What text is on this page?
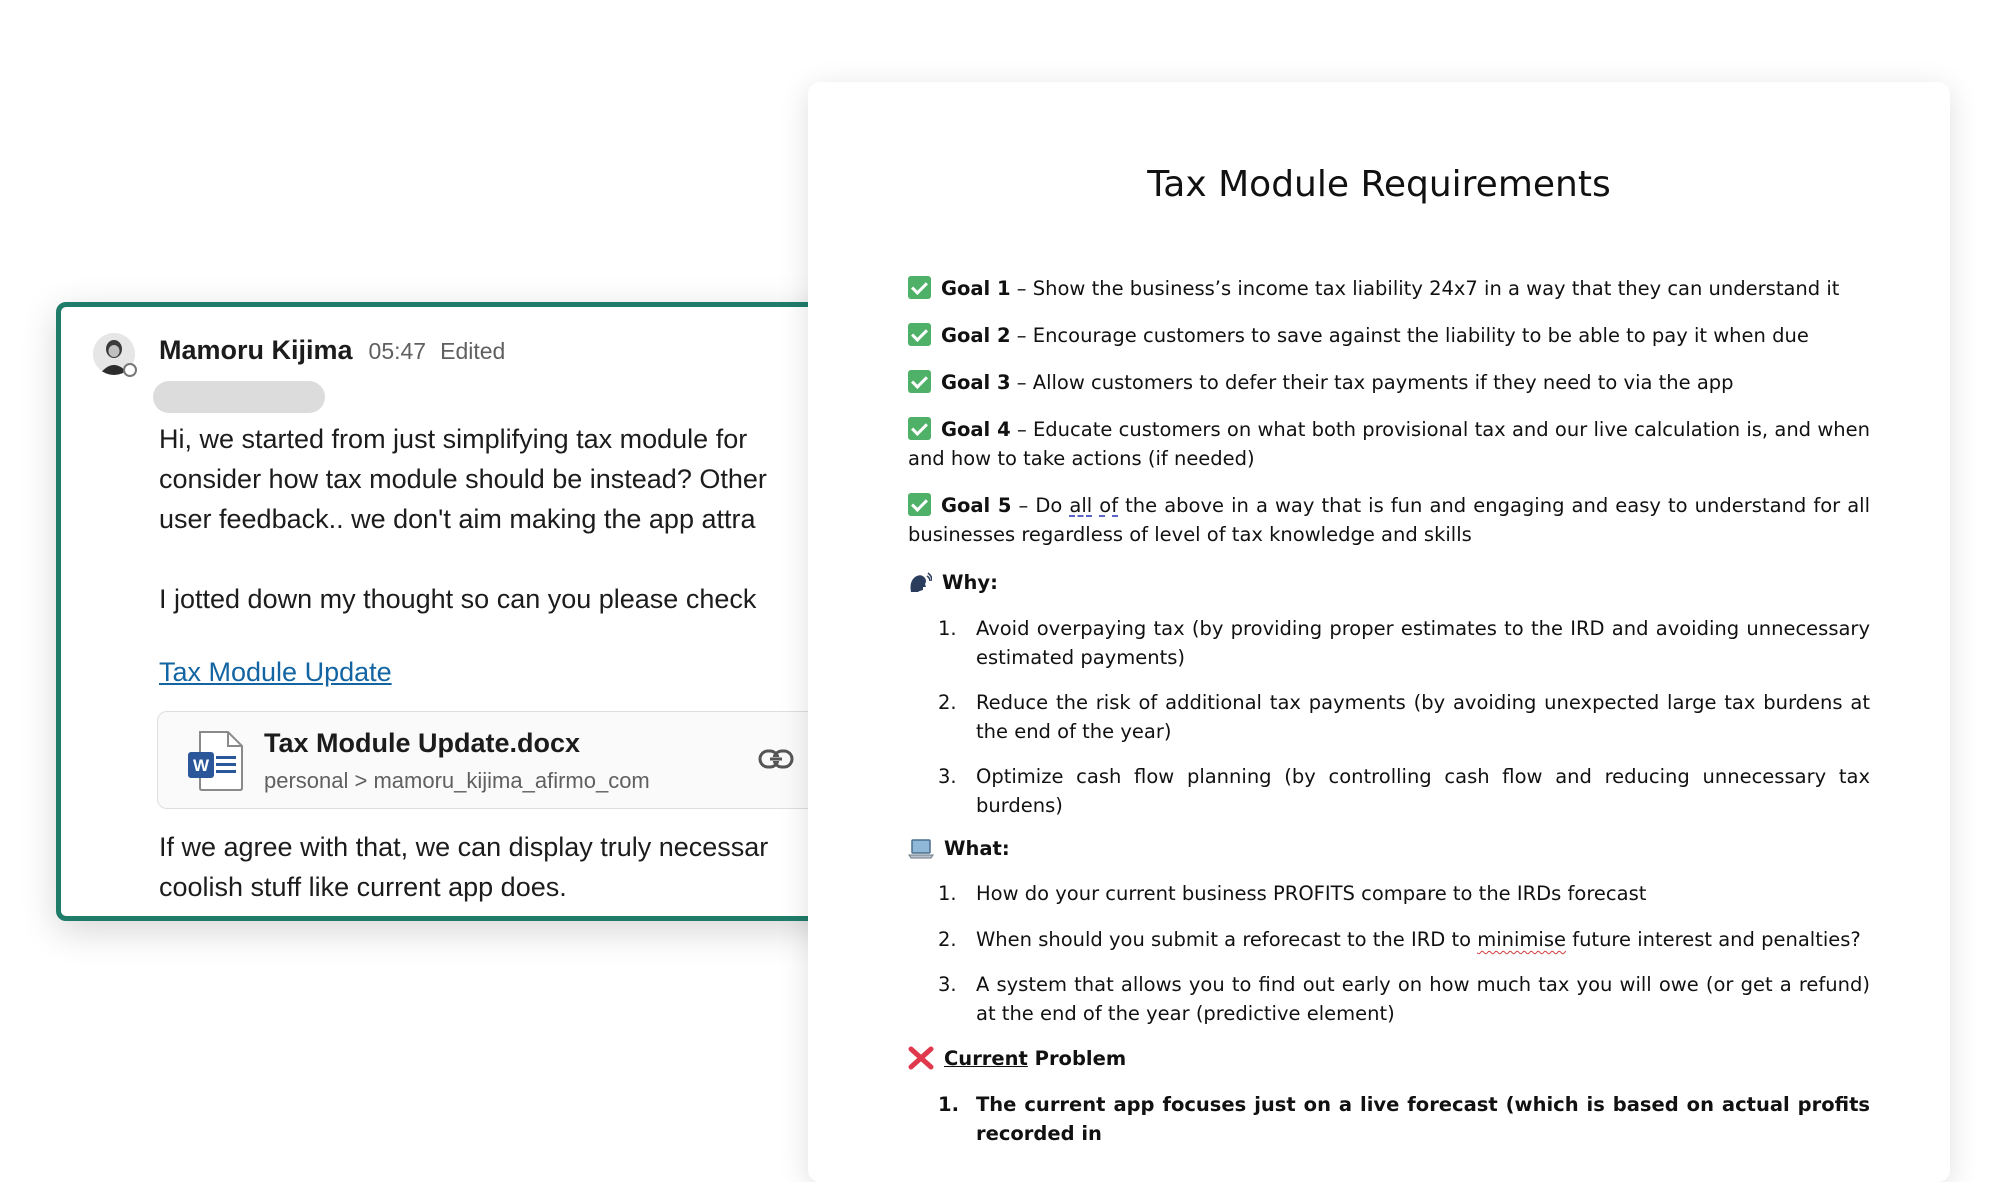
Mamoru Kijima 05:47 Edited

Hi, we started from just simplifying tax module for

consider how tax module should be instead? Other

user feedback.. we don't aim making the app attra

I jotted down my thought so can you please check

Tax Module Update
W
Tax Module Update.docx
personal > mamoru_kijima_afirmo_com

If we agree with that, we can display truly necessar

coolish stuff like current app does.

Tax Module Requirements
Goal 1 – Show the business’s income tax liability 24x7 in a way that they can understand it
Goal 2 – Encourage customers to save against the liability to be able to pay it when due
Goal 3 – Allow customers to defer their tax payments if they need to via the app
Goal 4 – Educate customers on what both provisional tax and our live calculation is, and when and how to take actions (if needed)
Goal 5 – Do all of the above in a way that is fun and engaging and easy to understand for all businesses regardless of level of tax knowledge and skills
Why:
1. Avoid overpaying tax (by providing proper estimates to the IRD and avoiding unnecessary estimated payments)
2. Reduce the risk of additional tax payments (by avoiding unexpected large tax burdens at the end of the year)
3. Optimize cash flow planning (by controlling cash flow and reducing unnecessary tax burdens)
What:
1. How do your current business PROFITS compare to the IRDs forecast
2. When should you submit a reforecast to the IRD to minimise future interest and penalties?
3. A system that allows you to find out early on how much tax you will owe (or get a refund) at the end of the year (predictive element)
Current Problem
1. The current app focuses just on a live forecast (which is based on actual profits recorded in
